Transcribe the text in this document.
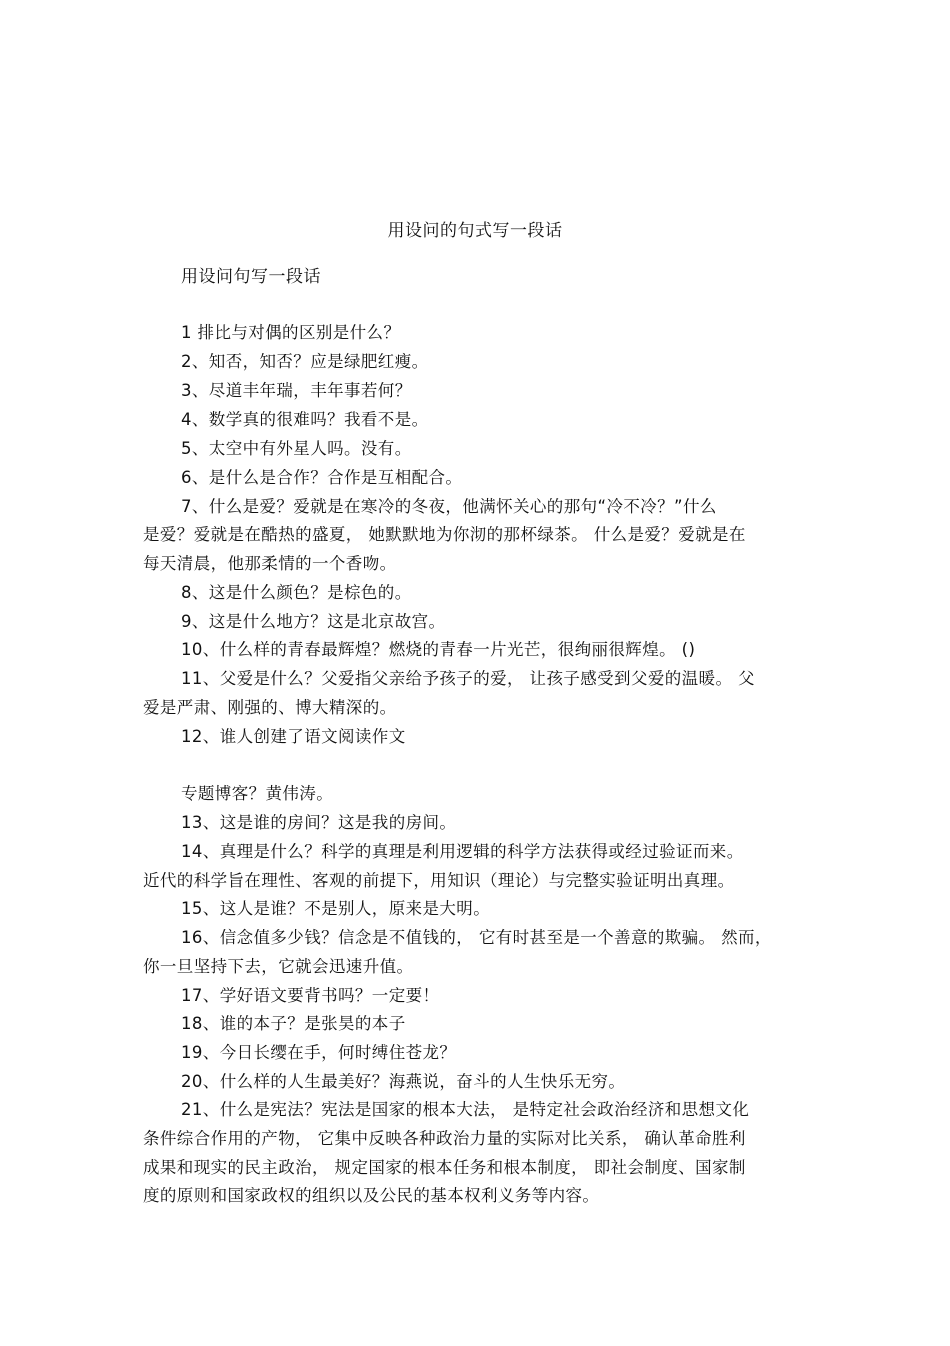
用设问的句式写一段话
用设问句写一段话
1 排比与对偶的区别是什么？
2、知否，知否？应是绿肥红瘦。
3、尽道丰年瑞，丰年事若何？
4、数学真的很难吗？我看不是。
5、太空中有外星人吗。没有。
6、是什么是合作？合作是互相配合。
7、什么是爱？爱就是在寒冷的冬夜，他满怀关心的那句“冷不冷？”什么
是爱？爱就是在酷热的盛夏， 她默默地为你沏的那杯绿茶。 什么是爱？爱就是在
每天清晨，他那柔情的一个香吻。
8、这是什么颜色？是棕色的。
9、这是什么地方？这是北京故宫。
10、什么样的青春最辉煌？燃烧的青春一片光芒，很绚丽很辉煌。 ()
11、父爱是什么？父爱指父亲给予孩子的爱， 让孩子感受到父爱的温暖。 父
爱是严肃、刚强的、博大精深的。
12、谁人创建了语文阅读作文
专题博客？黄伟涛。
13、这是谁的房间？这是我的房间。
14、真理是什么？科学的真理是利用逻辑的科学方法获得或经过验证而来。
近代的科学旨在理性、客观的前提下，用知识（理论）与完整实验证明出真理。
15、这人是谁？不是别人，原来是大明。
16、信念值多少钱？信念是不值钱的， 它有时甚至是一个善意的欺骗。 然而，
你一旦坚持下去，它就会迅速升值。
17、学好语文要背书吗？一定要！
18、谁的本子？是张昊的本子
19、今日长缨在手，何时缚住苍龙？
20、什么样的人生最美好？海燕说，奋斗的人生快乐无穷。
21、什么是宪法？宪法是国家的根本大法， 是特定社会政治经济和思想文化
条件综合作用的产物， 它集中反映各种政治力量的实际对比关系， 确认革命胜利
成果和现实的民主政治， 规定国家的根本任务和根本制度， 即社会制度、国家制
度的原则和国家政权的组织以及公民的基本权利义务等内容。
